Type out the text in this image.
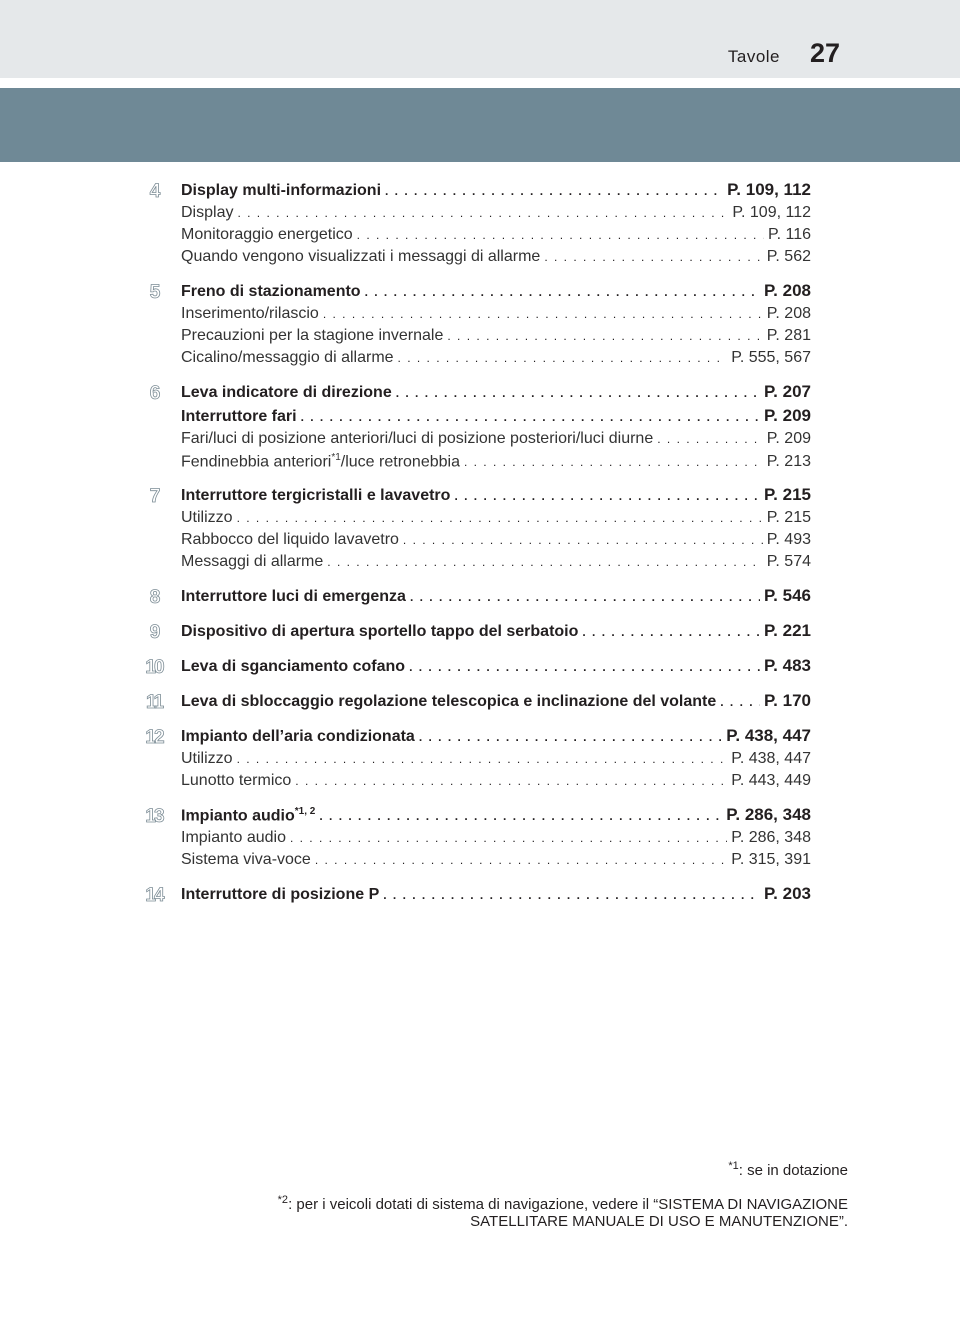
Tavole 27
4	Display multi-informazioni . . .	P. 109, 112
Display . . .	P. 109, 112
Monitoraggio energetico . . .	P. 116
Quando vengono visualizzati i messaggi di allarme . . .	P. 562
5	Freno di stazionamento . . .	P. 208
Inserimento/rilascio . . .	P. 208
Precauzioni per la stagione invernale . . .	P. 281
Cicalino/messaggio di allarme . . .	P. 555, 567
6	Leva indicatore di direzione . . .	P. 207
Interruttore fari . . .	P. 209
Fari/luci di posizione anteriori/luci di posizione posteriori/luci diurne . . .	P. 209
Fendinebbia anteriori$^{*1}$/luce retronebbia . . .	P. 213
7	Interruttore tergicristalli e lavavetro . . .	P. 215
Utilizzo . . .	P. 215
Rabbocco del liquido lavavetro . . .	P. 493
Messaggi di allarme . . .	P. 574
8	Interruttore luci di emergenza . . .	P. 546
9	Dispositivo di apertura sportello tappo del serbatoio . . .	P. 221
10 Leva di sganciamento cofano . . .	P. 483
11	Leva di sbloccaggio regolazione telescopica e inclinazione del volante . . .	P. 170
12 Impianto dell’aria condizionata . . .	P. 438, 447
Utilizzo . . .	P. 438, 447
Lunotto termico . . .	P. 443, 449
13 Impianto audio$^{*1, 2}$ . . .	P. 286, 348
Impianto audio . . .	P. 286, 348
Sistema viva-voce . . .	P. 315, 391
14 Interruttore di posizione P . . .	P. 203
$^{*1}$: se in dotazione
$^{*2}$: per i veicoli dotati di sistema di navigazione, vedere il “SISTEMA DI NAVIGAZIONE
SATELLITARE MANUALE DI USO E MANUTENZIONE”.
